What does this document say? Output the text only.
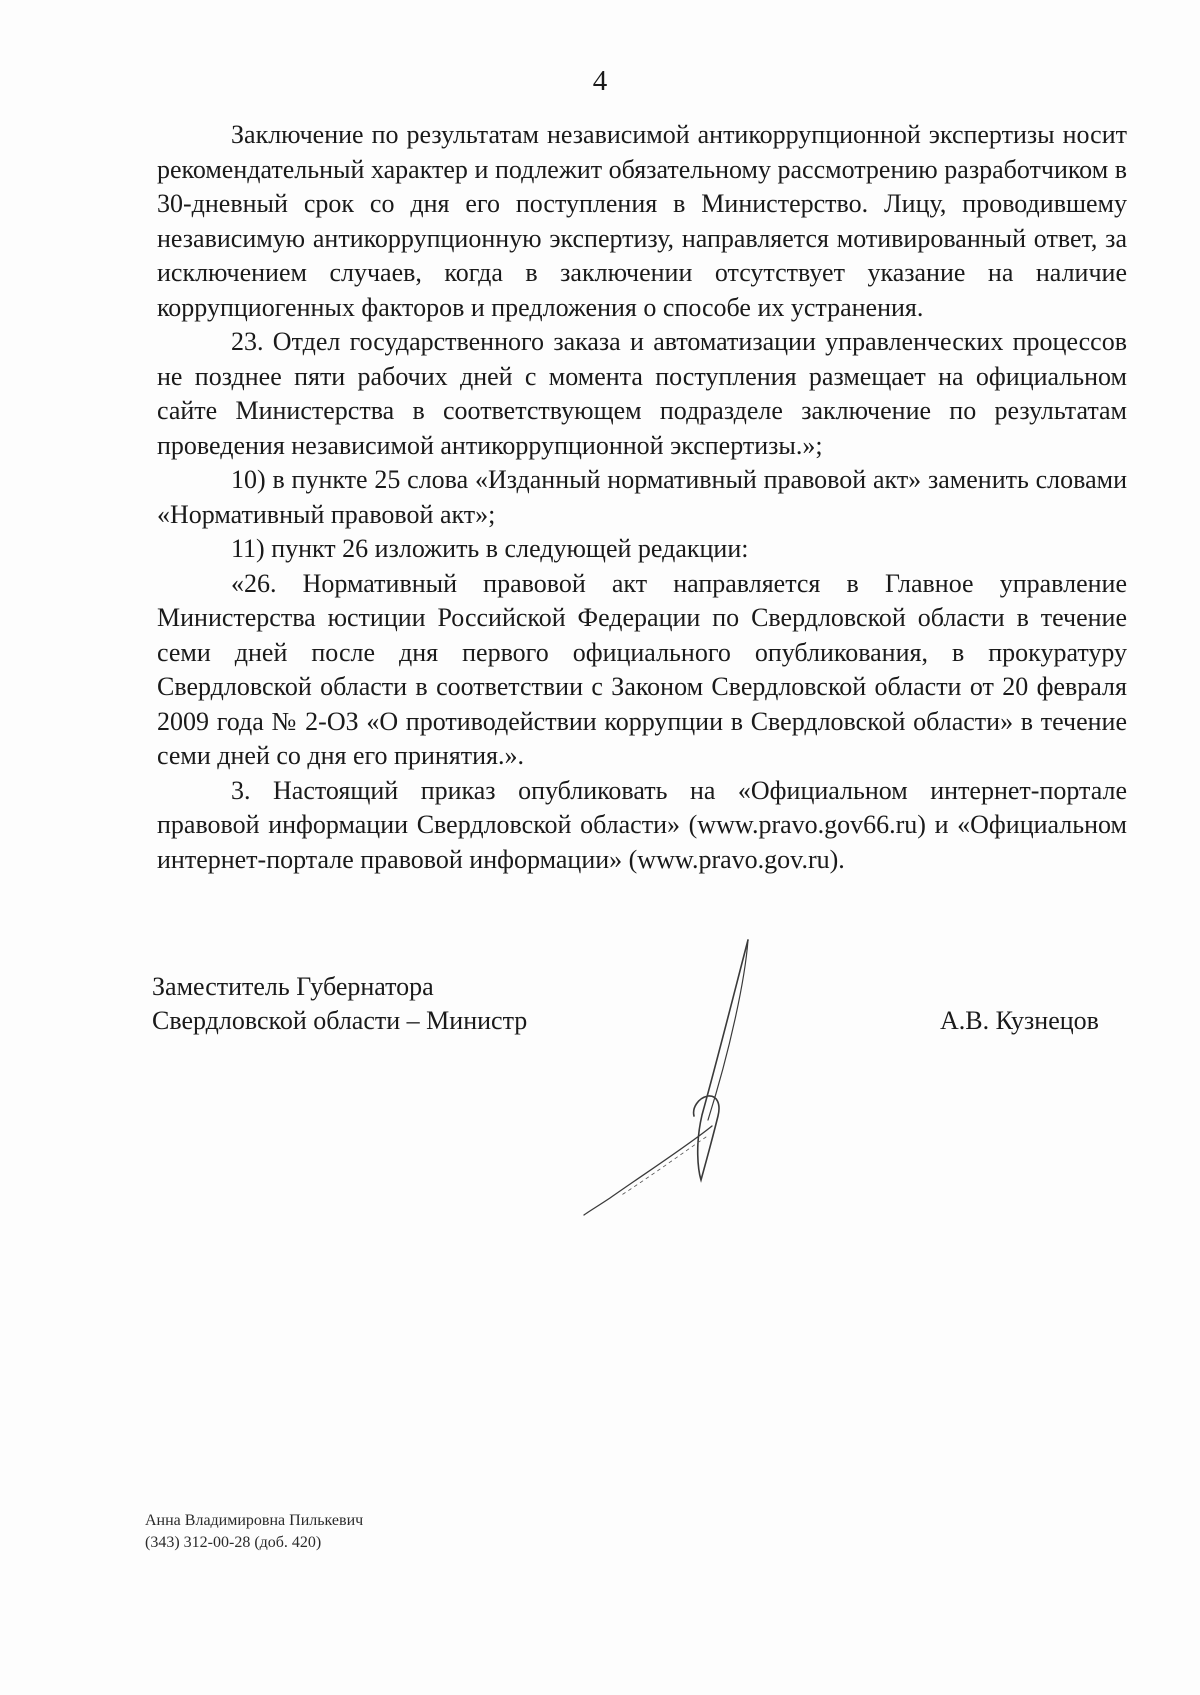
4

Заключение по результатам независимой антикоррупционной экспертизы носит рекомендательный характер и подлежит обязательному рассмотрению разработчиком в 30-дневный срок со дня его поступления в Министерство. Лицу, проводившему независимую антикоррупционную экспертизу, направляется мотивированный ответ, за исключением случаев, когда в заключении отсутствует указание на наличие коррупциогенных факторов и предложения о способе их устранения.

23. Отдел государственного заказа и автоматизации управленческих процессов не позднее пяти рабочих дней с момента поступления размещает на официальном сайте Министерства в соответствующем подразделе заключение по результатам проведения независимой антикоррупционной экспертизы.»;

10) в пункте 25 слова «Изданный нормативный правовой акт» заменить словами «Нормативный правовой акт»;

11) пункт 26 изложить в следующей редакции:

«26. Нормативный правовой акт направляется в Главное управление Министерства юстиции Российской Федерации по Свердловской области в течение семи дней после дня первого официального опубликования, в прокуратуру Свердловской области в соответствии с Законом Свердловской области от 20 февраля 2009 года № 2-ОЗ «О противодействии коррупции в Свердловской области» в течение семи дней со дня его принятия.».

3. Настоящий приказ опубликовать на «Официальном интернет-портале правовой информации Свердловской области» (www.pravo.gov66.ru) и «Официальном интернет-портале правовой информации» (www.pravo.gov.ru).

Заместитель Губернатора
Свердловской области – Министр	А.В. Кузнецов
Анна Владимировна Пилькевич
(343) 312-00-28 (доб. 420)
